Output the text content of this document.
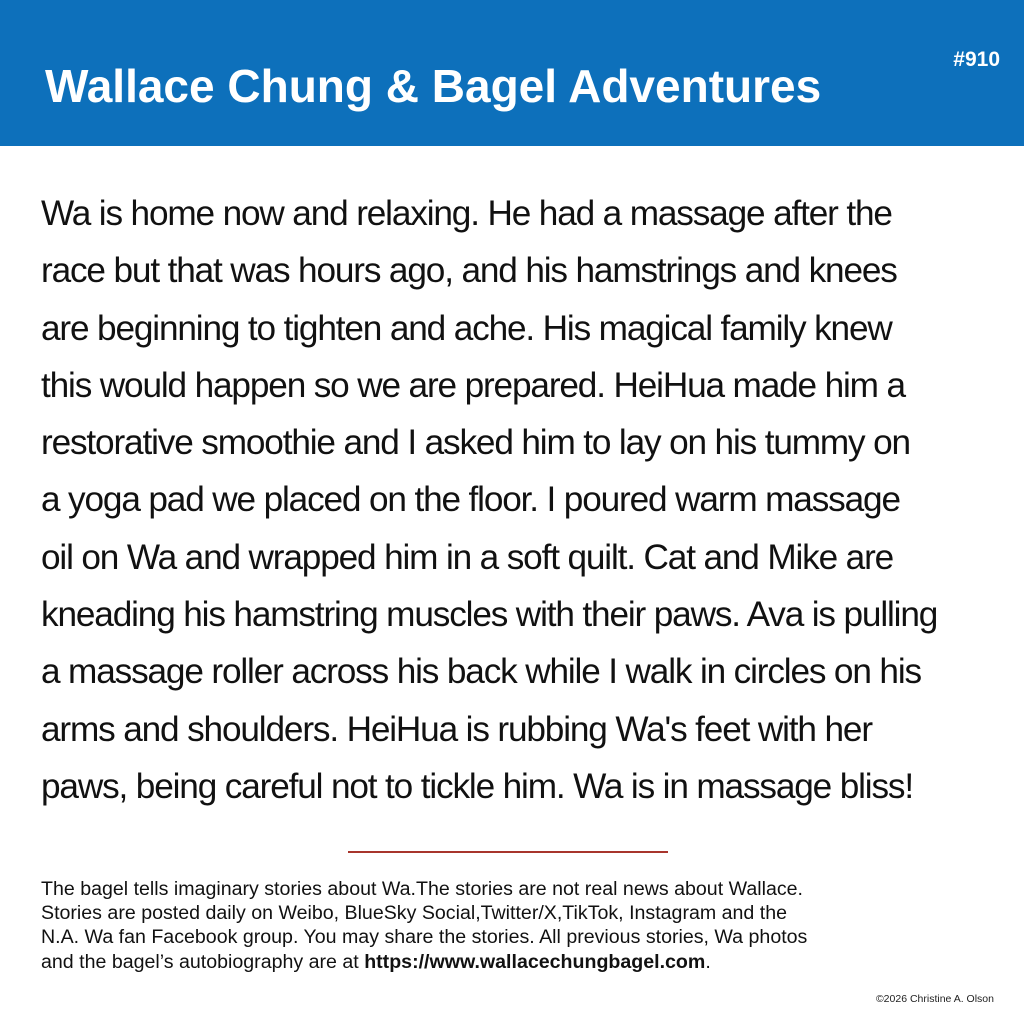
Wallace Chung & Bagel Adventures
#910

Wa is home now and relaxing. He had a massage after the
race but that was hours ago, and his hamstrings and knees
are beginning to tighten and ache. His magical family knew
this would happen so we are prepared. HeiHua made him a
restorative smoothie and I asked him to lay on his tummy on
a yoga pad we placed on the floor. I poured warm massage
oil on Wa and wrapped him in a soft quilt. Cat and Mike are
kneading his hamstring muscles with their paws. Ava is pulling
a massage roller across his back while I walk in circles on his
arms and shoulders. HeiHua is rubbing Wa's feet with her
paws, being careful not to tickle him. Wa is in massage bliss!

The bagel tells imaginary stories about Wa.The stories are not real news about Wallace.
Stories are posted daily on Weibo, BlueSky Social,Twitter/X,TikTok, Instagram and the
N.A. Wa fan Facebook group. You may share the stories. All previous stories, Wa photos
and the bagel’s autobiography are at https://www.wallacechungbagel.com.

©2026 Christine A. Olson
